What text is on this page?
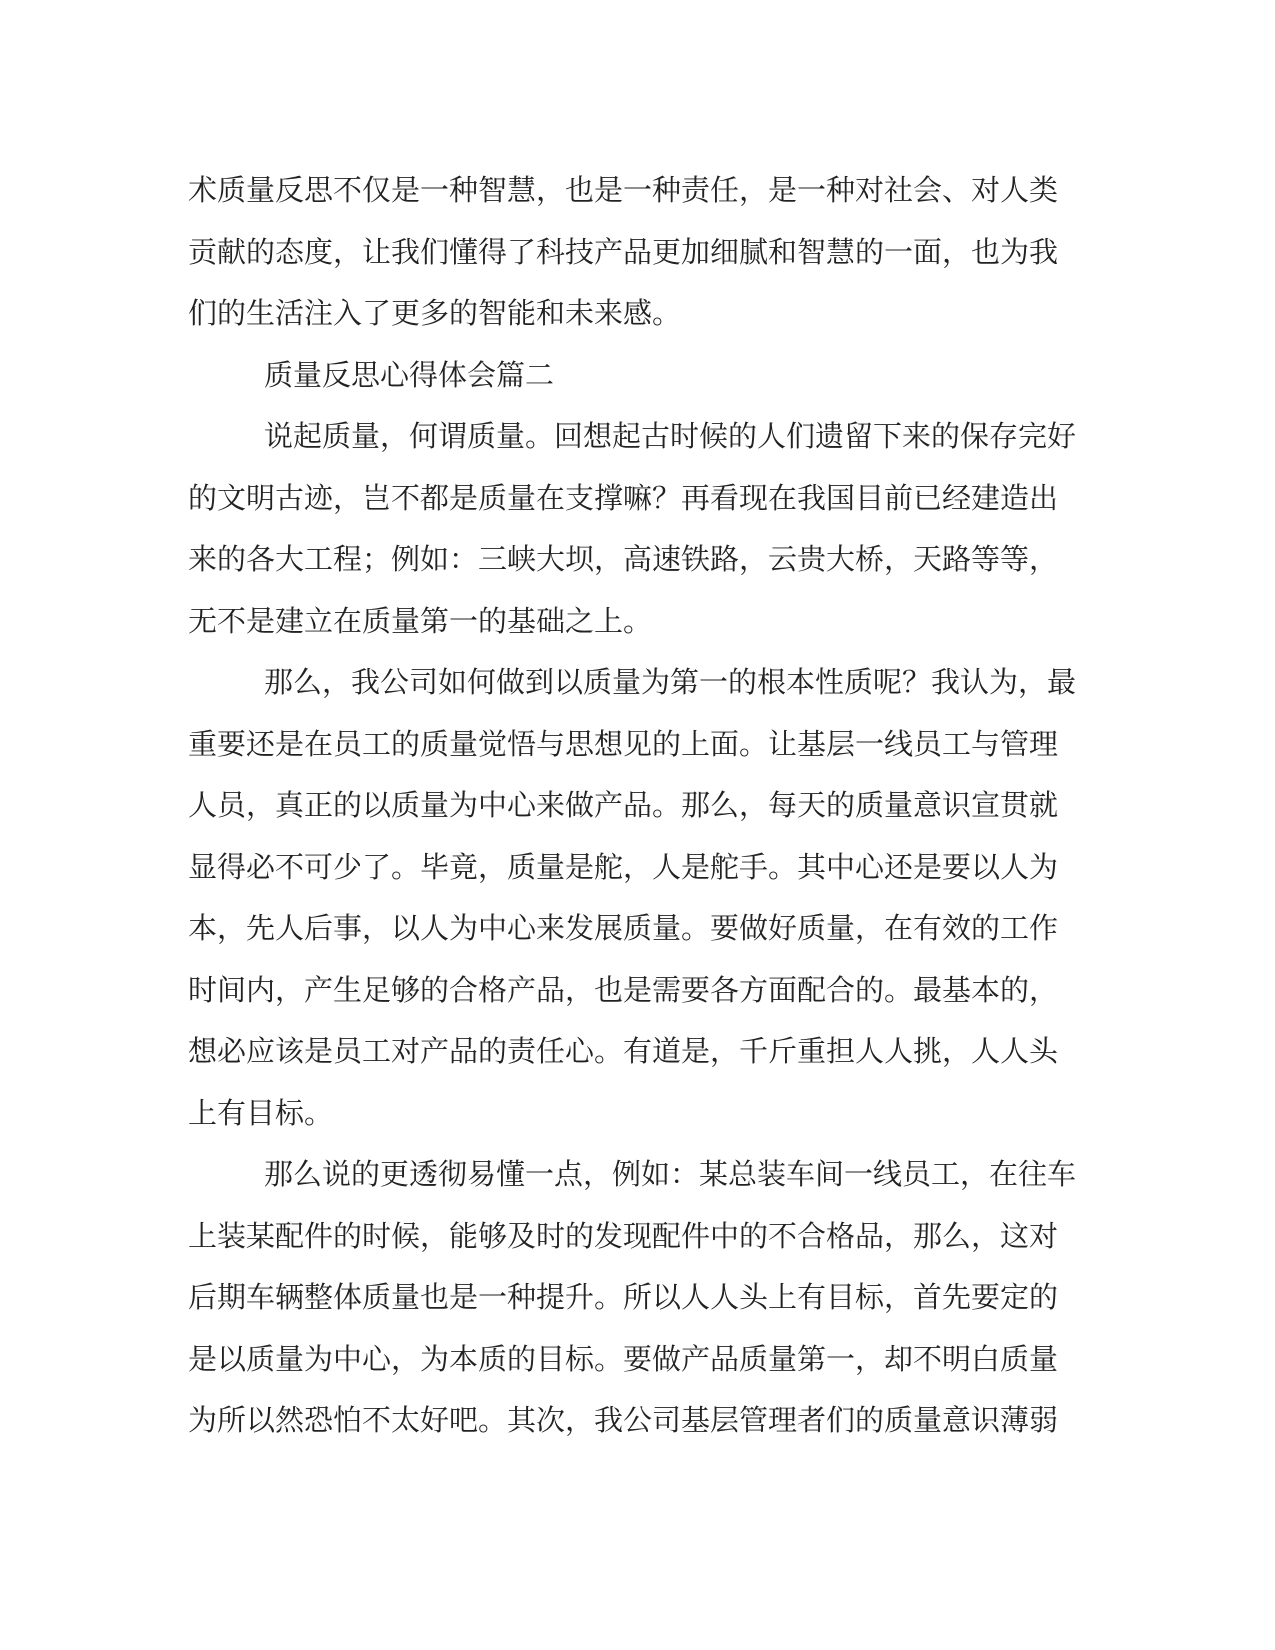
术质量反思不仅是一种智慧，也是一种责任，是一种对社会、对人类
贡献的态度，让我们懂得了科技产品更加细腻和智慧的一面，也为我
们的生活注入了更多的智能和未来感。
质量反思心得体会篇二
说起质量，何谓质量。回想起古时候的人们遗留下来的保存完好
的文明古迹，岂不都是质量在支撑嘛？再看现在我国目前已经建造出
来的各大工程；例如：三峡大坝，高速铁路，云贵大桥，天路等等，
无不是建立在质量第一的基础之上。
那么，我公司如何做到以质量为第一的根本性质呢？我认为，最
重要还是在员工的质量觉悟与思想见的上面。让基层一线员工与管理
人员，真正的以质量为中心来做产品。那么，每天的质量意识宣贯就
显得必不可少了。毕竟，质量是舵，人是舵手。其中心还是要以人为
本，先人后事，以人为中心来发展质量。要做好质量，在有效的工作
时间内，产生足够的合格产品，也是需要各方面配合的。最基本的，
想必应该是员工对产品的责任心。有道是，千斤重担人人挑，人人头
上有目标。
那么说的更透彻易懂一点，例如：某总装车间一线员工，在往车
上装某配件的时候，能够及时的发现配件中的不合格品，那么，这对
后期车辆整体质量也是一种提升。所以人人头上有目标，首先要定的
是以质量为中心，为本质的目标。要做产品质量第一，却不明白质量
为所以然恐怕不太好吧。其次，我公司基层管理者们的质量意识薄弱
